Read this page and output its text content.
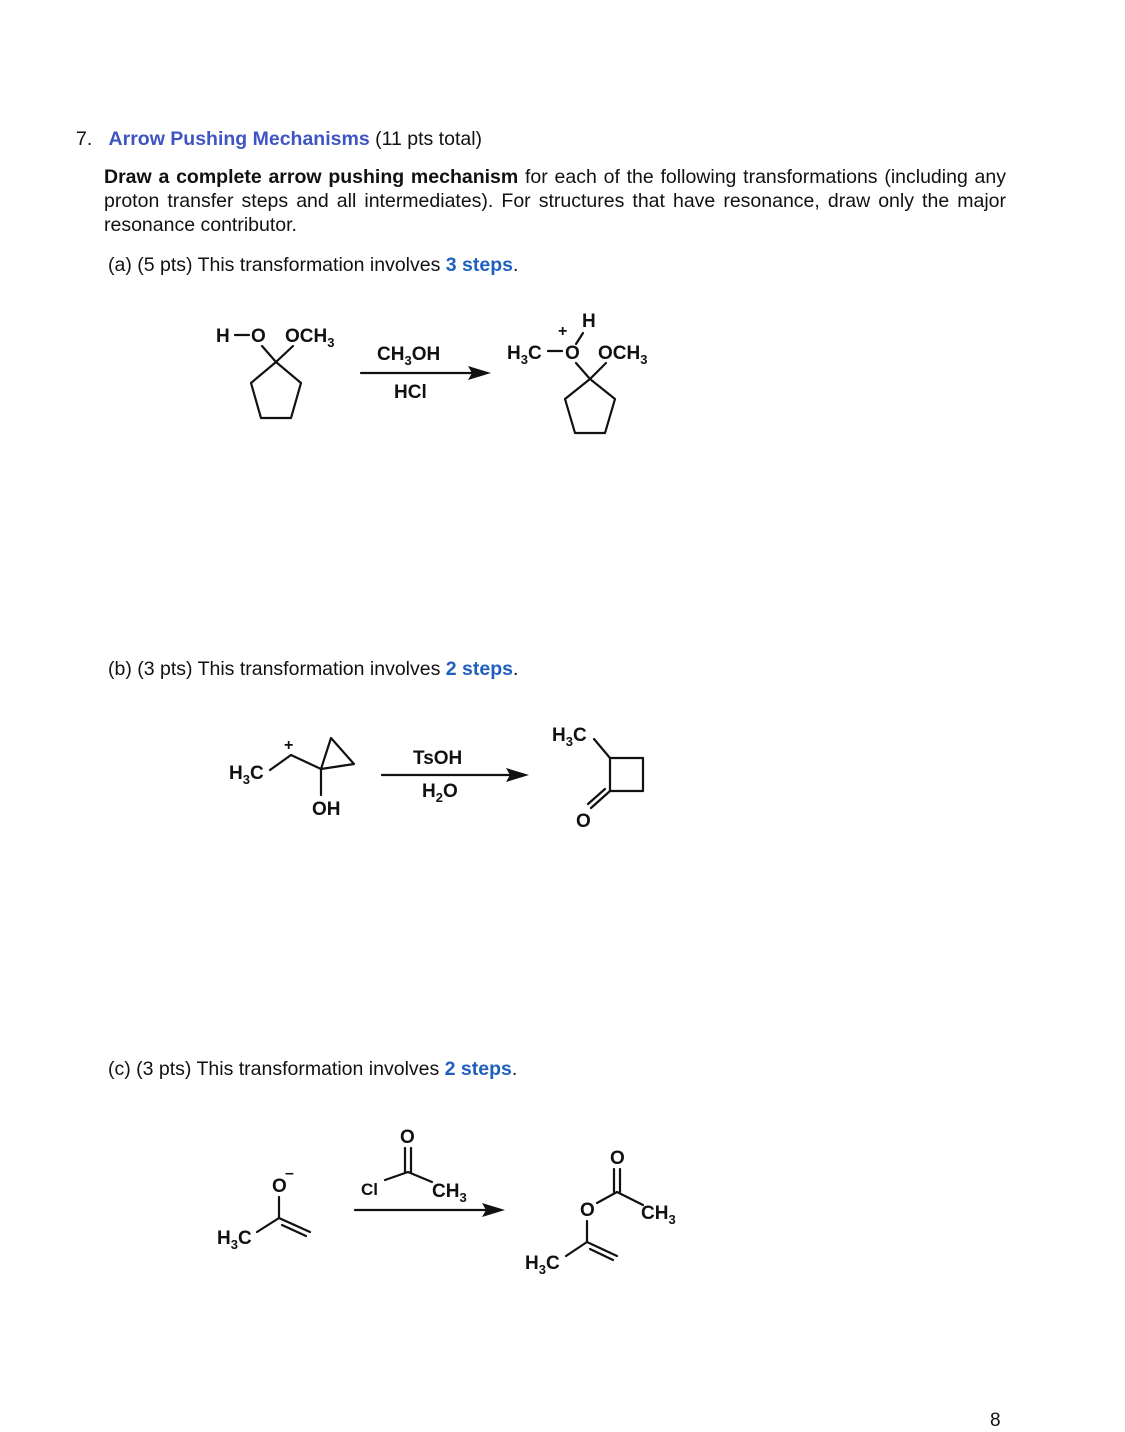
7. Arrow Pushing Mechanisms (11 pts total)
Draw a complete arrow pushing mechanism for each of the following transformations (including any proton transfer steps and all intermediates). For structures that have resonance, draw only the major resonance contributor.
(a) (5 pts) This transformation involves 3 steps.
(b) (3 pts) This transformation involves 2 steps.
(c) (3 pts) This transformation involves 2 steps.
H O $OCH_3$
$CH_3OH$
HCl
+ H
$H_3C$ O $OCH_3$
$H_3C$
+
OH
TsOH
$H_2O$
$H_3C$
O
O
–
$H_3C$
O
Cl	$CH_3$
O
$CH_3$
O
$H_3C$
8
